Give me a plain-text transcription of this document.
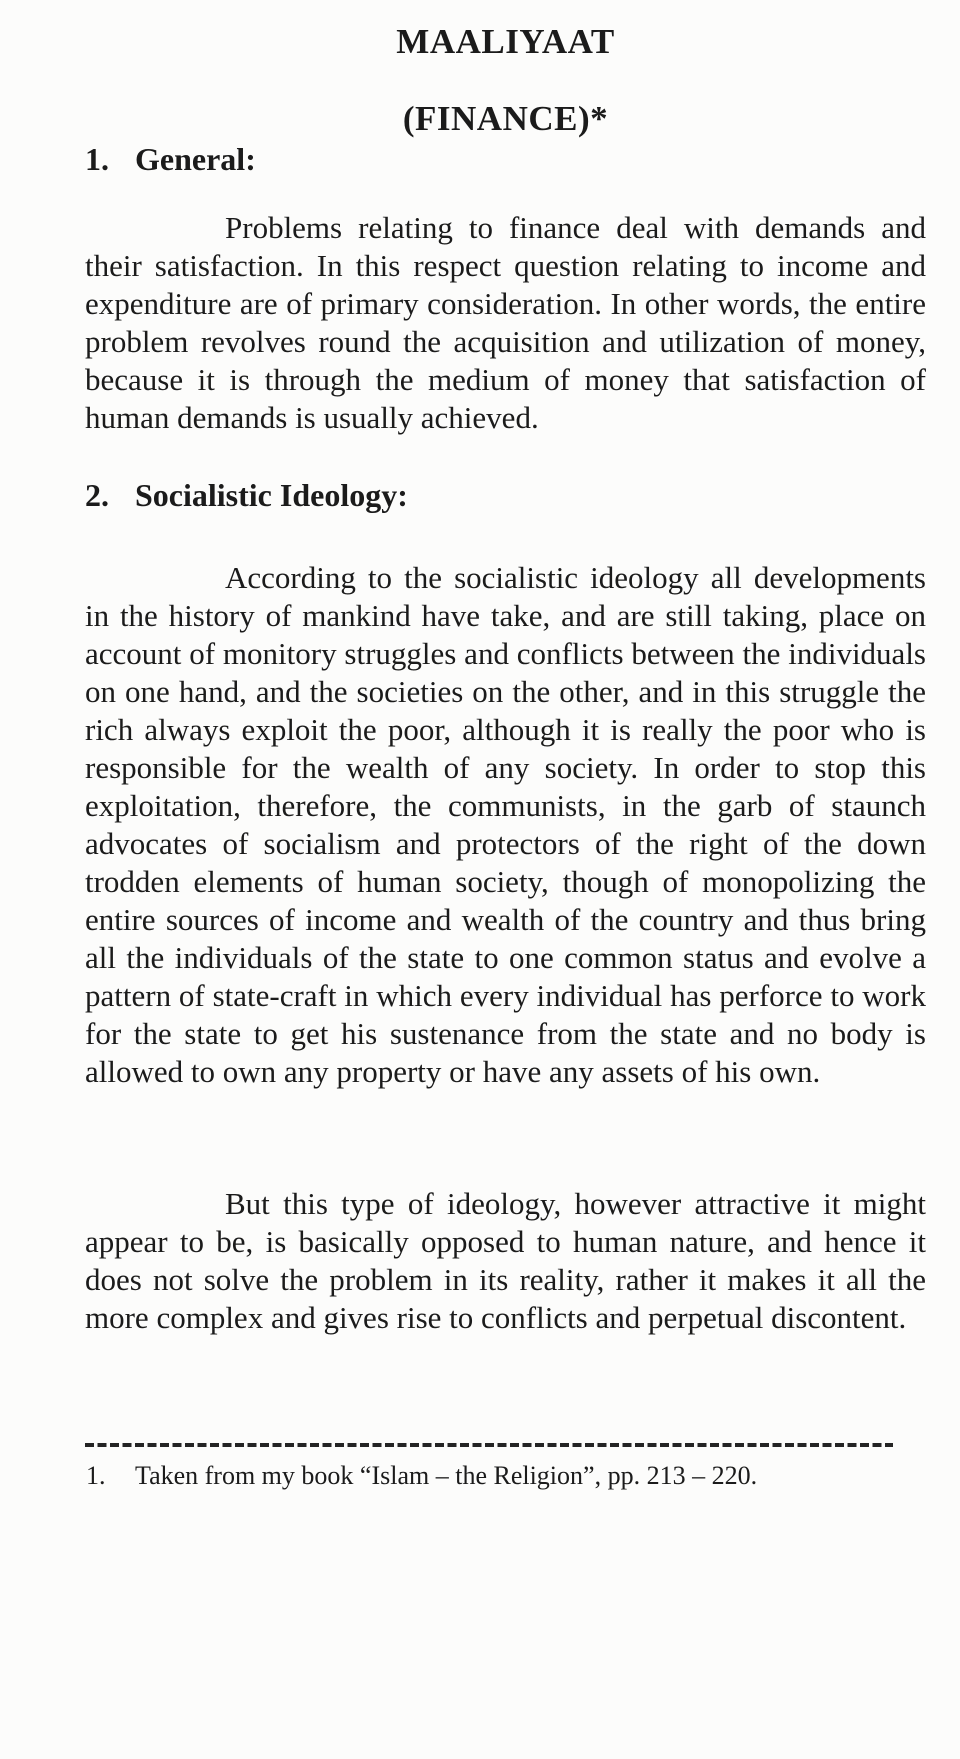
MAALIYAAT
(FINANCE)*
1. General:

Problems relating to finance deal with demands and their satisfaction. In this respect question relating to income and expenditure are of primary consideration. In other words, the entire problem revolves round the acquisition and utilization of money, because it is through the medium of money that satisfaction of human demands is usually achieved.

2. Socialistic Ideology:

According to the socialistic ideology all developments in the history of mankind have take, and are still taking, place on account of monitory struggles and conflicts between the individuals on one hand, and the societies on the other, and in this struggle the rich always exploit the poor, although it is really the poor who is responsible for the wealth of any society. In order to stop this exploitation, therefore, the communists, in the garb of staunch advocates of socialism and protectors of the right of the down trodden elements of human society, though of monopolizing the entire sources of income and wealth of the country and thus bring all the individuals of the state to one common status and evolve a pattern of state-craft in which every individual has perforce to work for the state to get his sustenance from the state and no body is allowed to own any property or have any assets of his own.

But this type of ideology, however attractive it might appear to be, is basically opposed to human nature, and hence it does not solve the problem in its reality, rather it makes it all the more complex and gives rise to conflicts and perpetual discontent.

1.	Taken from my book “Islam – the Religion”, pp. 213 – 220.
